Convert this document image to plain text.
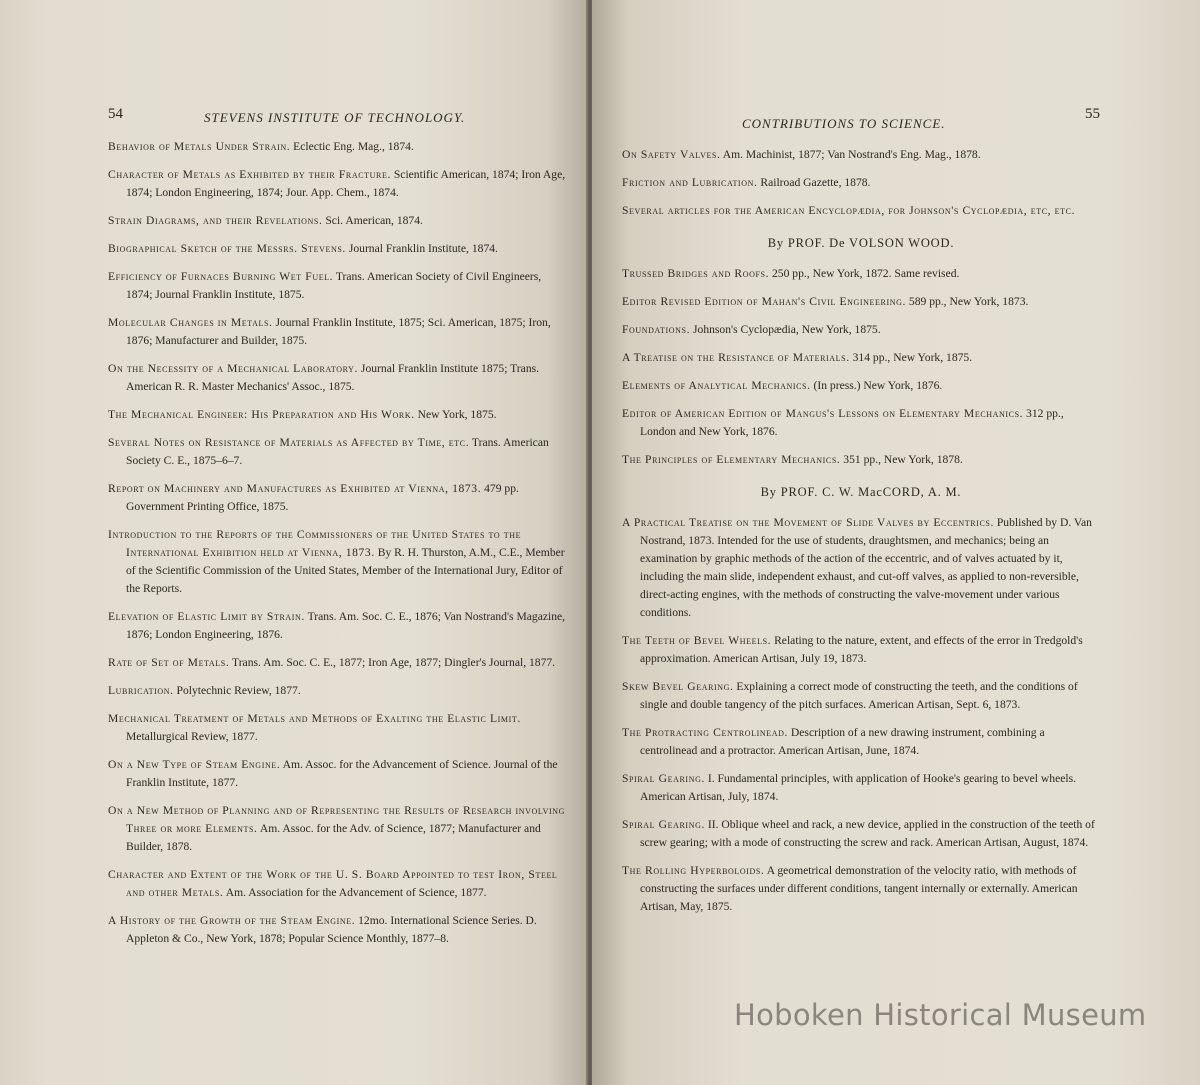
54	STEVENS INSTITUTE OF TECHNOLOGY.

Behavior of Metals Under Strain. Eclectic Eng. Mag., 1874.

Character of Metals as Exhibited by their Fracture. Scientific American, 1874; Iron Age, 1874; London Engineering, 1874; Jour. App. Chem., 1874.

Strain Diagrams, and their Revelations. Sci. American, 1874.

Biographical Sketch of the Messrs. Stevens. Journal Franklin Institute, 1874.

Efficiency of Furnaces Burning Wet Fuel. Trans. American Society of Civil Engineers, 1874; Journal Franklin Institute, 1875.

Molecular Changes in Metals. Journal Franklin Institute, 1875; Sci. American, 1875; Iron, 1876; Manufacturer and Builder, 1875.

On the Necessity of a Mechanical Laboratory. Journal Franklin Institute 1875; Trans. American R. R. Master Mechanics' Assoc., 1875.

The Mechanical Engineer: His Preparation and His Work. New York, 1875.

Several Notes on Resistance of Materials as Affected by Time, etc. Trans. American Society C. E., 1875–6–7.

Report on Machinery and Manufactures as Exhibited at Vienna, 1873. 479 pp. Government Printing Office, 1875.

Introduction to the Reports of the Commissioners of the United States to the International Exhibition held at Vienna, 1873. By R. H. Thurston, A.M., C.E., Member of the Scientific Commission of the United States, Member of the International Jury, Editor of the Reports.

Elevation of Elastic Limit by Strain. Trans. Am. Soc. C. E., 1876; Van Nostrand's Magazine, 1876; London Engineering, 1876.

Rate of Set of Metals. Trans. Am. Soc. C. E., 1877; Iron Age, 1877; Dingler's Journal, 1877.

Lubrication. Polytechnic Review, 1877.

Mechanical Treatment of Metals and Methods of Exalting the Elastic Limit. Metallurgical Review, 1877.

On a New Type of Steam Engine. Am. Assoc. for the Advancement of Science. Journal of the Franklin Institute, 1877.

On a New Method of Planning and of Representing the Results of Research involving Three or more Elements. Am. Assoc. for the Adv. of Science, 1877; Manufacturer and Builder, 1878.

Character and Extent of the Work of the U. S. Board Appointed to test Iron, Steel and other Metals. Am. Association for the Advancement of Science, 1877.

A History of the Growth of the Steam Engine. 12mo. International Science Series. D. Appleton & Co., New York, 1878; Popular Science Monthly, 1877–8.

CONTRIBUTIONS TO SCIENCE.
55

On Safety Valves. Am. Machinist, 1877; Van Nostrand's Eng. Mag., 1878.

Friction and Lubrication. Railroad Gazette, 1878.

Several articles for the American Encyclopædia, for Johnson's Cyclopædia, etc, etc.

By PROF. De VOLSON WOOD.

Trussed Bridges and Roofs. 250 pp., New York, 1872. Same revised.

Editor Revised Edition of Mahan's Civil Engineering. 589 pp., New York, 1873.

Foundations. Johnson's Cyclopædia, New York, 1875.

A Treatise on the Resistance of Materials. 314 pp., New York, 1875.

Elements of Analytical Mechanics. (In press.) New York, 1876.

Editor of American Edition of Mangus's Lessons on Elementary Mechanics. 312 pp., London and New York, 1876.

The Principles of Elementary Mechanics. 351 pp., New York, 1878.

By PROF. C. W. MacCORD, A. M.

A Practical Treatise on the Movement of Slide Valves by Eccentrics. Published by D. Van Nostrand, 1873. Intended for the use of students, draughtsmen, and mechanics; being an examination by graphic methods of the action of the eccentric, and of valves actuated by it, including the main slide, independent exhaust, and cut-off valves, as applied to non-reversible, direct-acting engines, with the methods of constructing the valve-movement under various conditions.

The Teeth of Bevel Wheels. Relating to the nature, extent, and effects of the error in Tredgold's approximation. American Artisan, July 19, 1873.

Skew Bevel Gearing. Explaining a correct mode of constructing the teeth, and the conditions of single and double tangency of the pitch surfaces. American Artisan, Sept. 6, 1873.

The Protracting Centrolinead. Description of a new drawing instrument, combining a centrolinead and a protractor. American Artisan, June, 1874.

Spiral Gearing. I. Fundamental principles, with application of Hooke's gearing to bevel wheels. American Artisan, July, 1874.

Spiral Gearing. II. Oblique wheel and rack, a new device, applied in the construction of the teeth of screw gearing; with a mode of constructing the screw and rack. American Artisan, August, 1874.

The Rolling Hyperboloids. A geometrical demonstration of the velocity ratio, with methods of constructing the surfaces under different conditions, tangent internally or externally. American Artisan, May, 1875.

Hoboken Historical Museum
